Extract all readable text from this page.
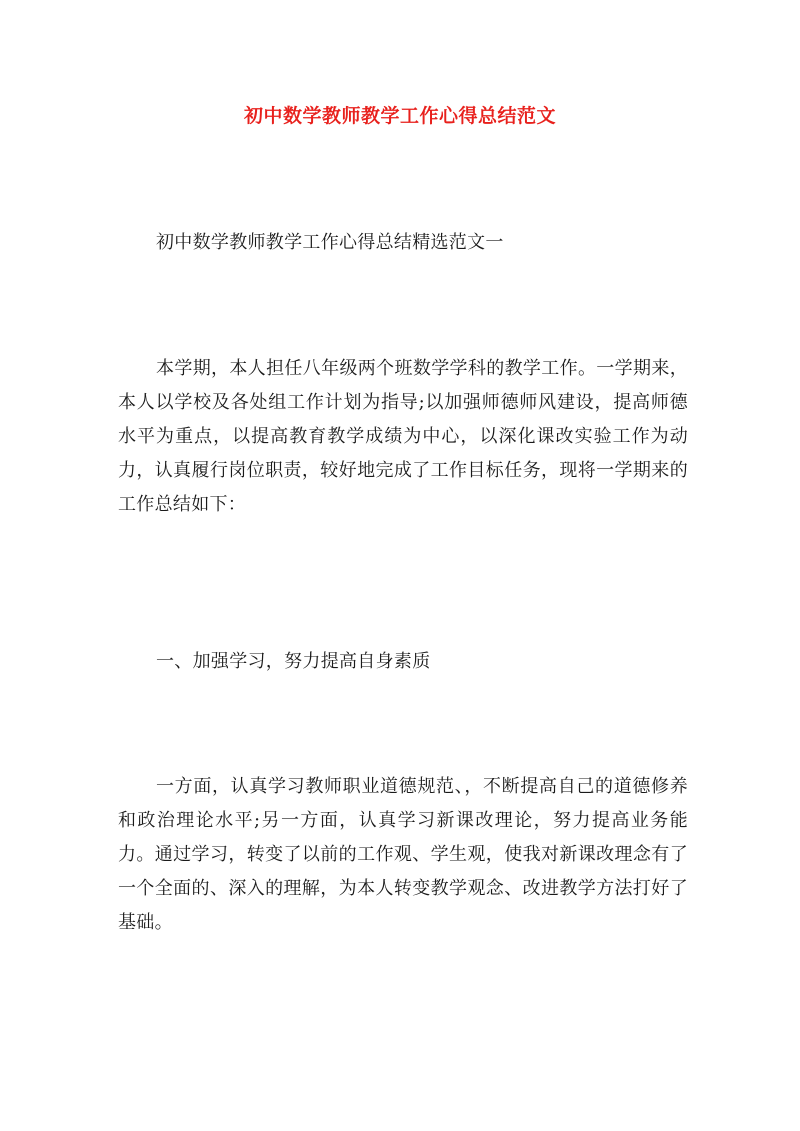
初中数学教师教学工作心得总结范文
初中数学教师教学工作心得总结精选范文一
本学期，本人担任八年级两个班数学学科的教学工作。一学期来，本人以学校及各处组工作计划为指导;以加强师德师风建设，提高师德水平为重点，以提高教育教学成绩为中心，以深化课改实验工作为动力，认真履行岗位职责，较好地完成了工作目标任务，现将一学期来的工作总结如下：
一、加强学习，努力提高自身素质
一方面，认真学习教师职业道德规范、，不断提高自己的道德修养和政治理论水平;另一方面，认真学习新课改理论，努力提高业务能力。通过学习，转变了以前的工作观、学生观，使我对新课改理念有了一个全面的、深入的理解，为本人转变教学观念、改进教学方法打好了基础。
